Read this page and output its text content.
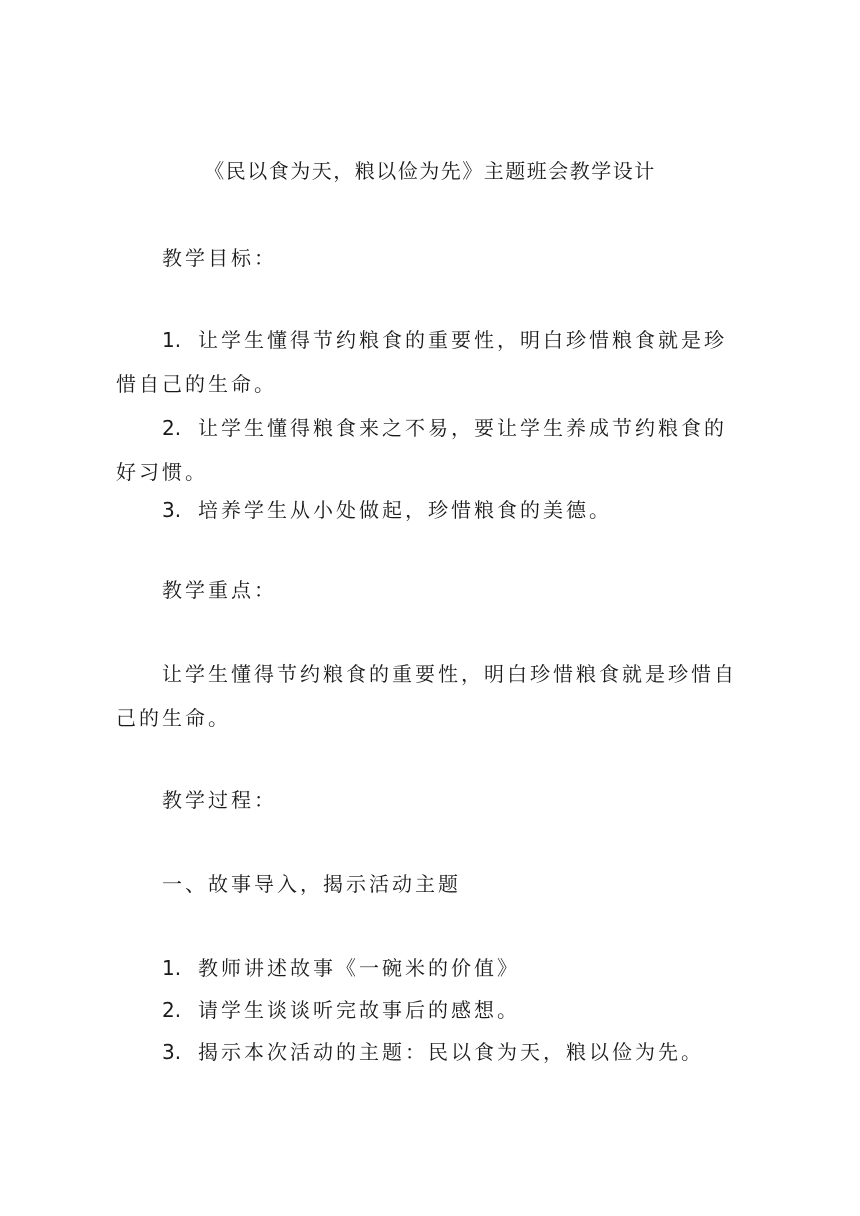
《民以食为天，粮以俭为先》主题班会教学设计
教学目标：
1. 让学生懂得节约粮食的重要性，明白珍惜粮食就是珍惜自己的生命。
2. 让学生懂得粮食来之不易，要让学生养成节约粮食的好习惯。
3. 培养学生从小处做起，珍惜粮食的美德。
教学重点：
让学生懂得节约粮食的重要性，明白珍惜粮食就是珍惜自己的生命。
教学过程：
一、故事导入，揭示活动主题
1. 教师讲述故事《一碗米的价值》
2. 请学生谈谈听完故事后的感想。
3. 揭示本次活动的主题：民以食为天，粮以俭为先。
